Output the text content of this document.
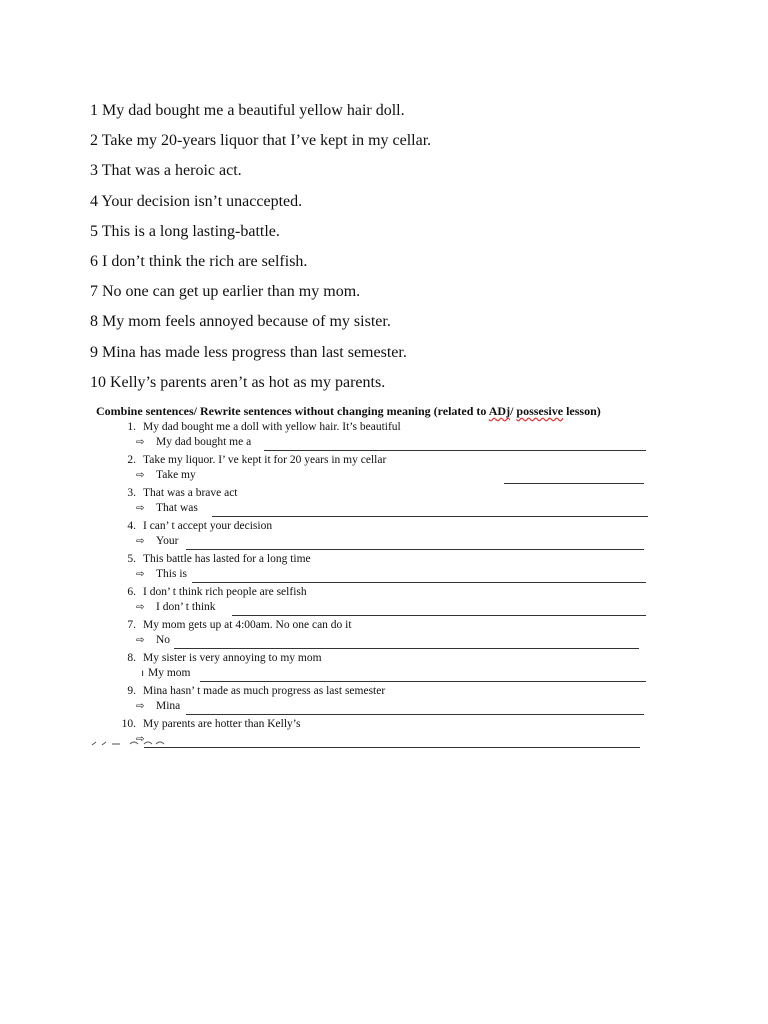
1 My dad bought me a beautiful yellow hair doll.
2 Take my 20-years liquor that I’ve kept in my cellar.
3 That was a heroic act.
4 Your decision isn’t unaccepted.
5 This is a long lasting-battle.
6 I don’t think the rich are selfish.
7 No one can get up earlier than my mom.
8 My mom feels annoyed because of my sister.
9 Mina has made less progress than last semester.
10 Kelly’s parents aren’t as hot as my parents.
Combine sentences/ Rewrite sentences without changing meaning (related to ADj/ possesive lesson)
1. My dad bought me a doll with yellow hair. It’s beautiful
⇨ My dad bought me a
2. Take my liquor. I’ ve kept it for 20 years in my cellar
⇨ Take my
3. That was a brave act
⇨ That was
4. I can’ t accept your decision
⇨ Your
5. This battle has lasted for a long time
⇨ This is
6. I don’ t think rich people are selfish
⇨ I don’ t think
7. My mom gets up at 4:00am. No one can do it
⇨ No
8. My sister is very annoying to my mom
ı My mom
9. Mina hasn’ t made as much progress as last semester
⇨ Mina
10. My parents are hotter than Kelly’s
⇨
